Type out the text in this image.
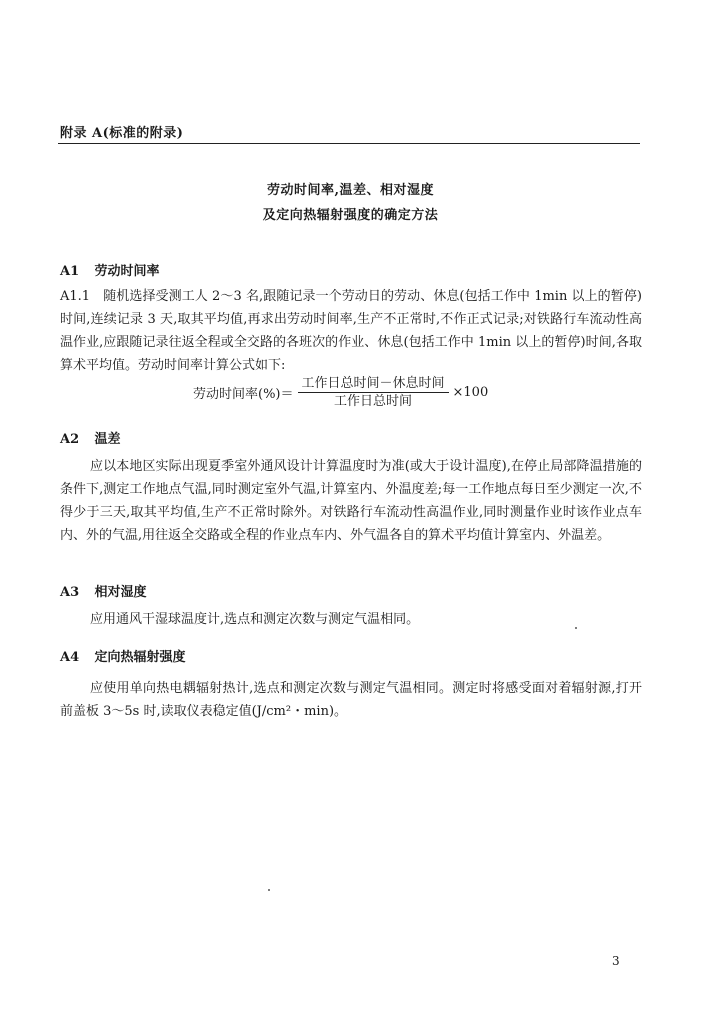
附录 A(标准的附录)
劳动时间率,温差、相对湿度
及定向热辐射强度的确定方法
A1 劳动时间率
A1.1　随机选择受测工人 2～3 名,跟随记录一个劳动日的劳动、休息(包括工作中 1min 以上的暂停)时间,连续记录 3 天,取其平均值,再求出劳动时间率,生产不正常时,不作正式记录;对铁路行车流动性高温作业,应跟随记录往返全程或全交路的各班次的作业、休息(包括工作中 1min 以上的暂停)时间,各取算术平均值。劳动时间率计算公式如下:
劳动时间率(%)＝ $\frac{\text{工作日总时间－休息时间}}{\text{工作日总时间}} \times 100$
A2 温差
应以本地区实际出现夏季室外通风设计计算温度时为准(或大于设计温度),在停止局部降温措施的条件下,测定工作地点气温,同时测定室外气温,计算室内、外温度差;每一工作地点每日至少测定一次,不得少于三天,取其平均值,生产不正常时除外。对铁路行车流动性高温作业,同时测量作业时该作业点车内、外的气温,用往返全交路或全程的作业点车内、外气温各自的算术平均值计算室内、外温差。
A3 相对湿度
应用通风干湿球温度计,选点和测定次数与测定气温相同。
A4 定向热辐射强度
应使用单向热电耦辐射热计,选点和测定次数与测定气温相同。测定时将感受面对着辐射源,打开前盖板 3～5s 时,读取仪表稳定值(J/cm²・min)。
3
